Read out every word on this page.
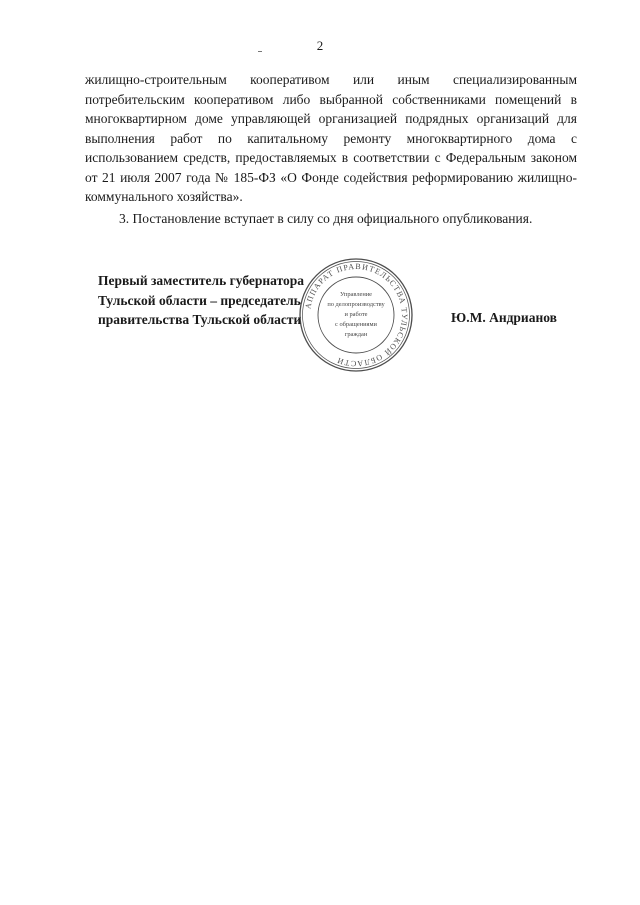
2

жилищно-строительным кооперативом или иным специализированным потребительским кооперативом либо выбранной собственниками помещений в многоквартирном доме управляющей организацией подрядных организаций для выполнения работ по капитальному ремонту многоквартирного дома с использованием средств, предоставляемых в соответствии с Федеральным законом от 21 июля 2007 года № 185-ФЗ «О Фонде содействия реформированию жилищно-коммунального хозяйства».

3. Постановление вступает в силу со дня официального опубликования.

Первый заместитель губернатора
Тульской области – председатель
правительства Тульской области	Ю.М. Андрианов
АППАРАТ ПРАВИТЕЛЬСТВА ТУЛЬСКОЙ ОБЛАСТИ
Управление
по делопроизводству
и работе
с обращениями
граждан
